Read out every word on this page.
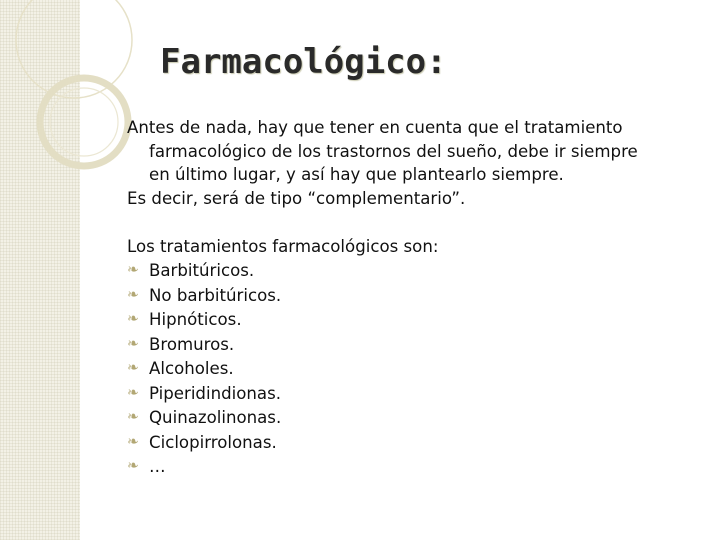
Farmacológico:

Antes de nada, hay que tener en cuenta que el tratamiento
farmacológico de los trastornos del sueño, debe ir siempre
en último lugar, y así hay que plantearlo siempre.

Es decir, será de tipo “complementario”.

Los tratamientos farmacológicos son:

❧ Barbitúricos.
❧ No barbitúricos.
❧ Hipnóticos.
❧ Bromuros.
❧ Alcoholes.
❧ Piperidindionas.
❧ Quinazolinonas.
❧ Ciclopirrolonas.
❧ …
